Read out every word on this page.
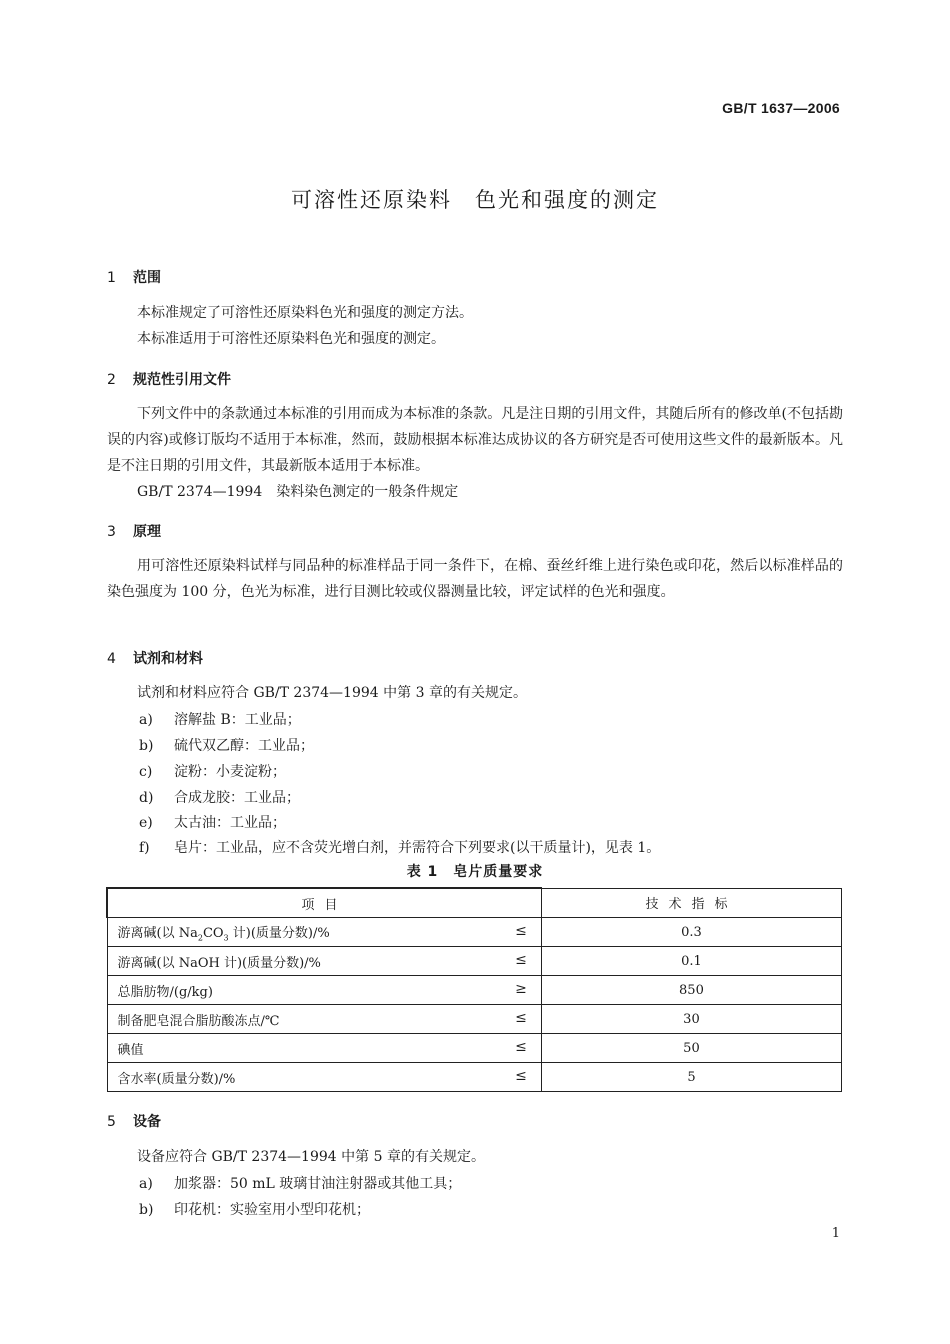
GB/T 1637—2006
可溶性还原染料　色光和强度的测定
1 范围
本标准规定了可溶性还原染料色光和强度的测定方法。
本标准适用于可溶性还原染料色光和强度的测定。
2 规范性引用文件
下列文件中的条款通过本标准的引用而成为本标准的条款。凡是注日期的引用文件，其随后所有的修改单(不包括勘误的内容)或修订版均不适用于本标准，然而，鼓励根据本标准达成协议的各方研究是否可使用这些文件的最新版本。凡是不注日期的引用文件，其最新版本适用于本标准。
GB/T 2374—1994　染料染色测定的一般条件规定
3 原理
用可溶性还原染料试样与同品种的标准样品于同一条件下，在棉、蚕丝纤维上进行染色或印花，然后以标准样品的染色强度为 100 分，色光为标准，进行目测比较或仪器测量比较，评定试样的色光和强度。
4 试剂和材料
试剂和材料应符合 GB/T 2374—1994 中第 3 章的有关规定。
a) 溶解盐 B：工业品；
b) 硫代双乙醇：工业品；
c) 淀粉：小麦淀粉；
d) 合成龙胶：工业品；
e) 太古油：工业品；
f) 皂片：工业品，应不含荧光增白剂，并需符合下列要求(以干质量计)，见表 1。
表 1　皂片质量要求
项目	技术指标
游离碱(以 $Na_2CO_3$ 计)(质量分数)/% ≤	0.3
游离碱(以 NaOH 计)(质量分数)/% ≤	0.1
总脂肪物/(g/kg) ≥	850
制备肥皂混合脂肪酸冻点/℃ ≤	30
碘值 ≤	50
含水率(质量分数)/% ≤	5
5 设备
设备应符合 GB/T 2374—1994 中第 5 章的有关规定。
a) 加浆器：50 mL 玻璃甘油注射器或其他工具；
b) 印花机：实验室用小型印花机；
1
